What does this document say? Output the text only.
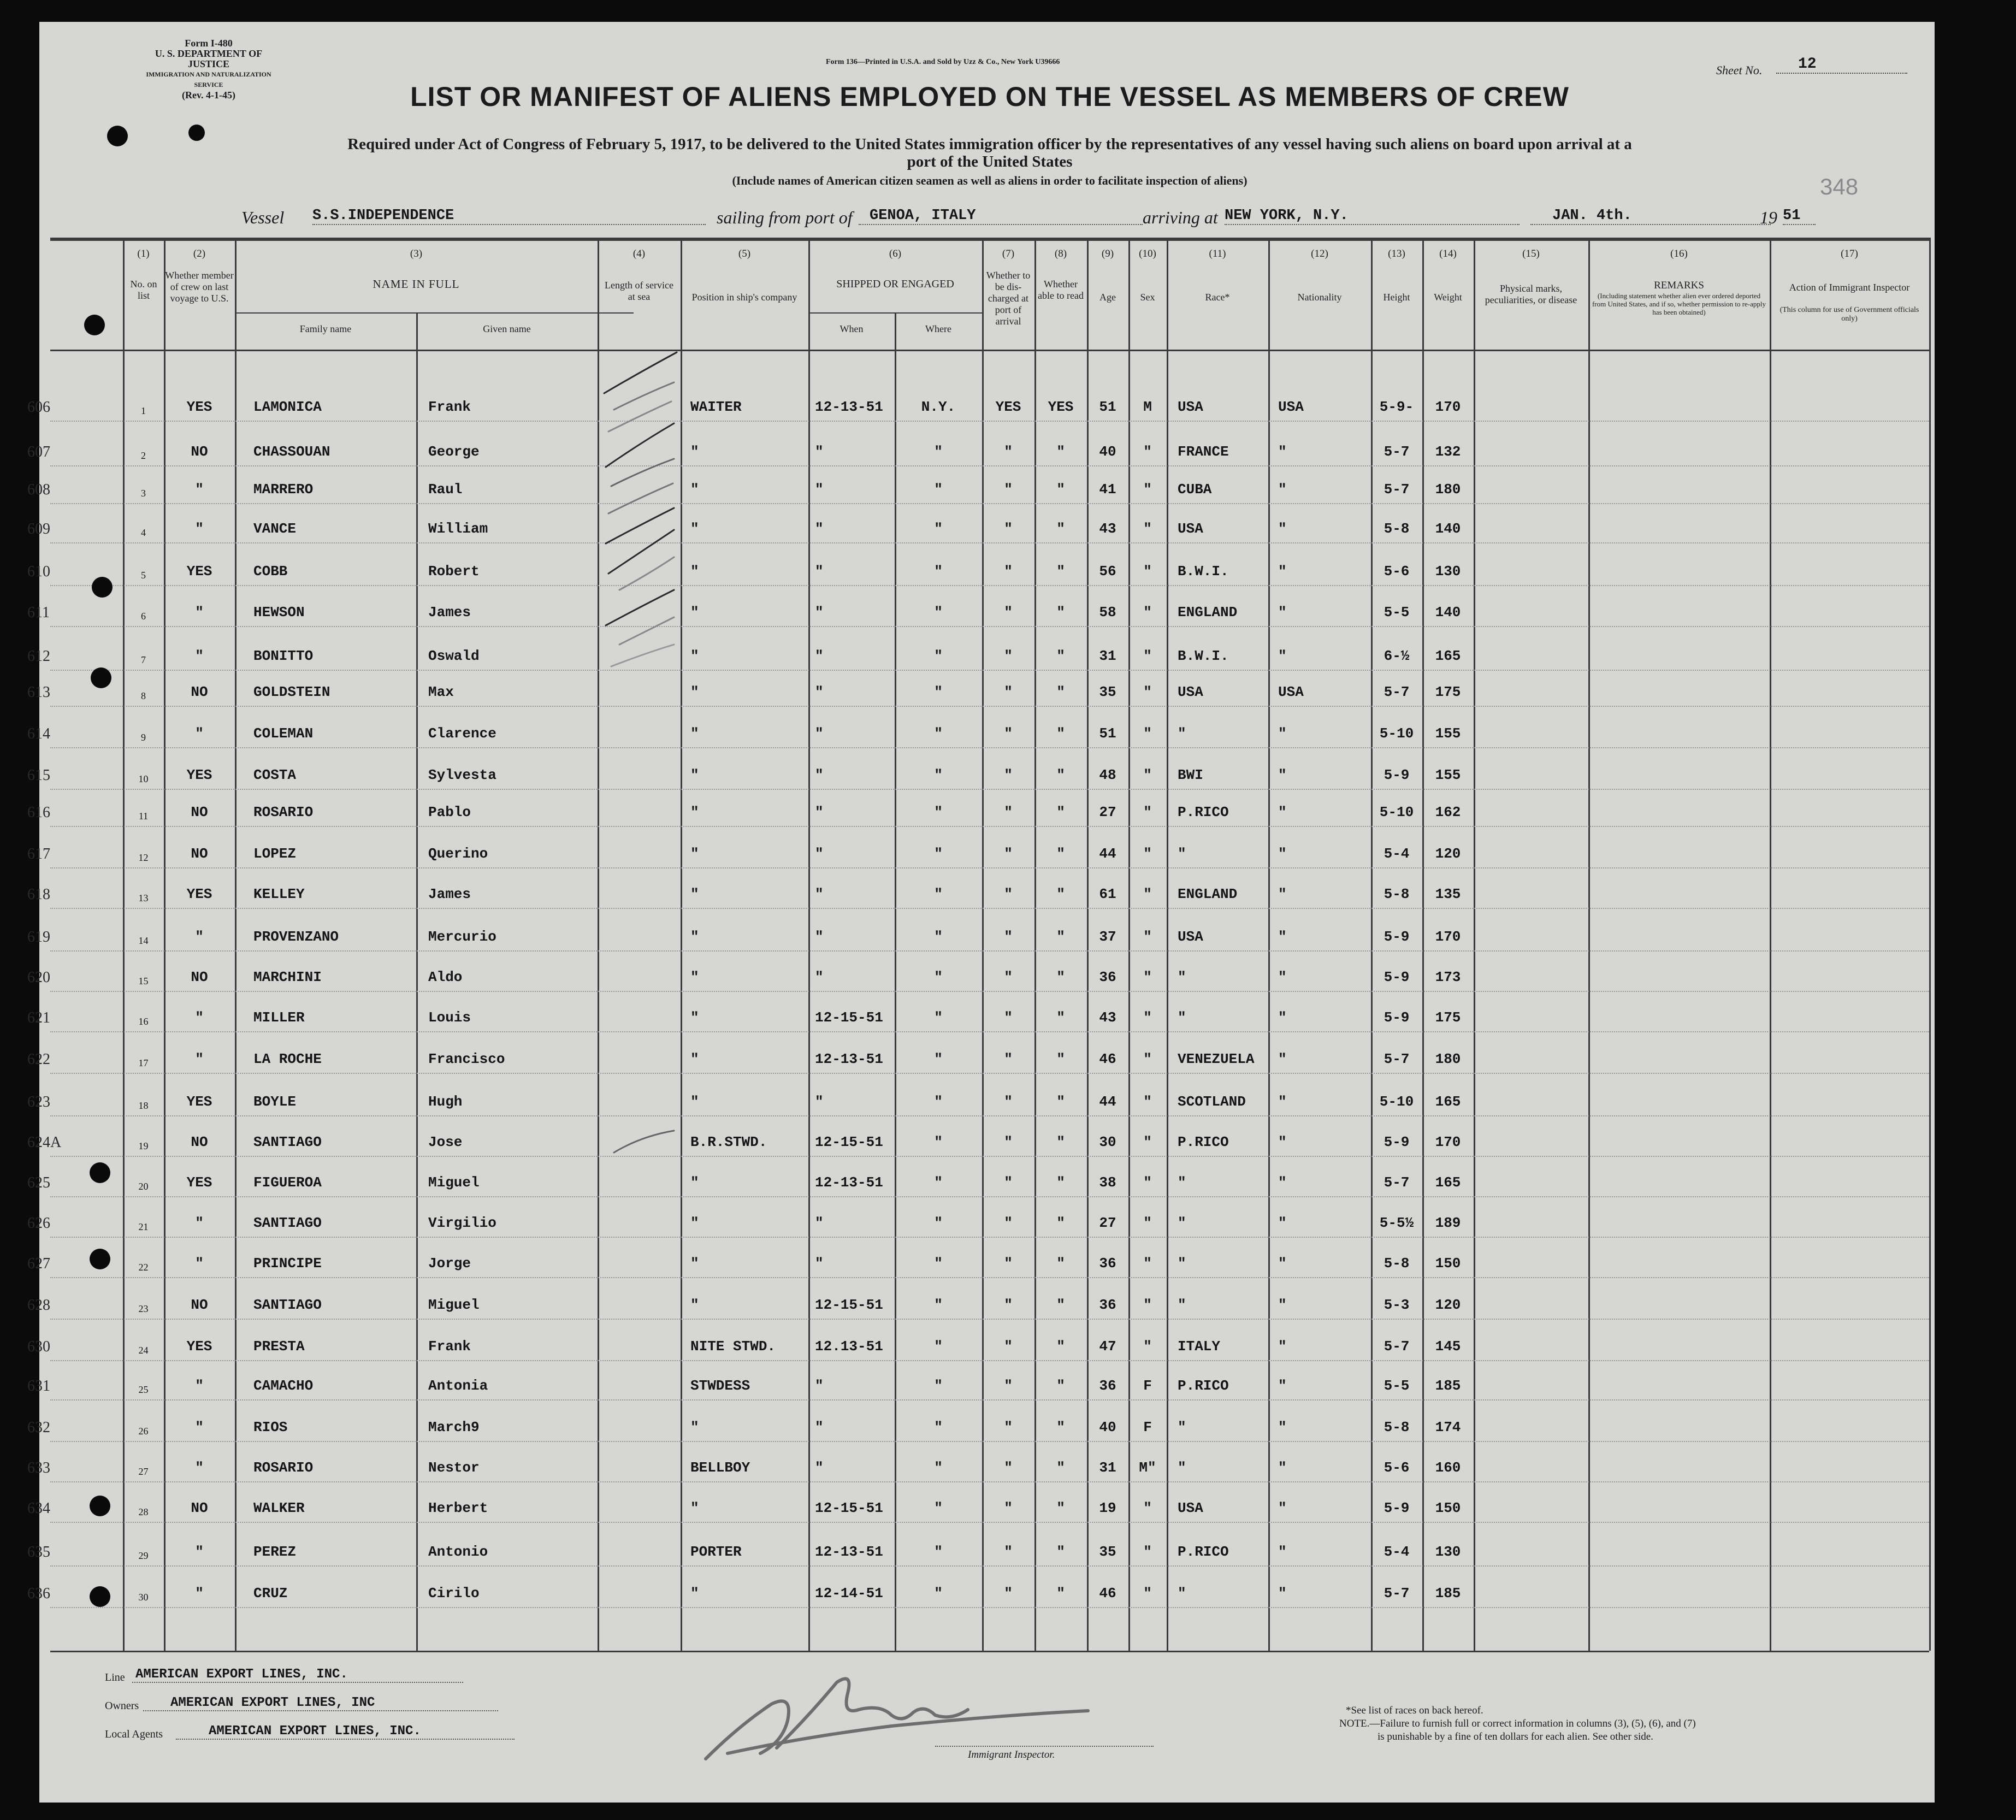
Form I-480
U. S. DEPARTMENT OF JUSTICE
IMMIGRATION AND NATURALIZATION SERVICE
(Rev. 4-1-45)
Form 136—Printed in U.S.A. and Sold by Uzz & Co., New York U39666
Sheet No.	12
LIST OR MANIFEST OF ALIENS EMPLOYED ON THE VESSEL AS MEMBERS OF CREW
Required under Act of Congress of February 5, 1917, to be delivered to the United States immigration officer by the representatives of any vessel having such aliens on board upon arrival at a
port of the United States
(Include names of American citizen seamen as well as aliens in order to facilitate inspection of aliens)	348
Vessel S.S.INDEPENDENCE	sailing from port of	GENOA, ITALY	arriving at NEW YORK, N.Y.	JAN. 4th.	19 51
(1)	(2)	(3)	(4)	(5)	(6)	(7)	(8)	(9)	(10)	(11)	(12)	(13)	(14)	(15)	(16)	(17)
No. on list
Whether member of crew on last voyage to U.S.
NAME IN FULL
Family name	Given name
Length of service at sea	Position in ship's company
SHIPPED OR ENGAGED
When	Where
Whether to be dis-charged at port of arrival
Whether able to read	Age	Sex	Race*	Nationality	Height	Weight
Physical marks, peculiarities, or disease
REMARKS
(Including statement whether alien ever ordered deported from United States, and if so, whether permission to re-apply has been obtained)
Action of Immigrant Inspector
(This column for use of Government officials only)
606	1	YES	LAMONICA	Frank	WAITER	12-13-51	N.Y.	YES	YES	51	M	USA	USA	5-9-	170
607	2	NO	CHASSOUAN	George	"	"	"	"	"	40	"	FRANCE	"	5-7	132
608	3	"	MARRERO	Raul	"	"	"	"	"	41	"	CUBA	"	5-7	180
609	4	"	VANCE	William	"	"	"	"	"	43	"	USA	"	5-8	140
610	5	YES	COBB	Robert	"	"	"	"	"	56	"	B.W.I.	"	5-6	130
611	6	"	HEWSON	James	"	"	"	"	"	58	"	ENGLAND	"	5-5	140
612	7	"	BONITTO	Oswald	"	"	"	"	"	31	"	B.W.I.	"	6-½	165
613	8	NO	GOLDSTEIN	Max	"	"	"	"	"	35	"	USA	USA	5-7	175
614	9	"	COLEMAN	Clarence	"	"	"	"	"	51	"	"	"	5-10	155
615	10	YES	COSTA	Sylvesta	"	"	"	"	"	48	"	BWI	"	5-9	155
616	11	NO	ROSARIO	Pablo	"	"	"	"	"	27	"	P.RICO	"	5-10	162
617	12	NO	LOPEZ	Querino	"	"	"	"	"	44	"	"	"	5-4	120
618	13	YES	KELLEY	James	"	"	"	"	"	61	"	ENGLAND	"	5-8	135
619	14	"	PROVENZANO	Mercurio	"	"	"	"	"	37	"	USA	"	5-9	170
620	15	NO	MARCHINI	Aldo	"	"	"	"	"	36	"	"	"	5-9	173
621	16	"	MILLER	Louis	"	12-15-51	"	"	"	43	"	"	"	5-9	175
622	17	"	LA ROCHE	Francisco	"	12-13-51	"	"	"	46	"	VENEZUELA	"	5-7	180
623	18	YES	BOYLE	Hugh	"	"	"	"	"	44	"	SCOTLAND	"	5-10	165
624A	19	NO	SANTIAGO	Jose	B.R.STWD.	12-15-51	"	"	"	30	"	P.RICO	"	5-9	170
625	20	YES	FIGUEROA	Miguel	"	12-13-51	"	"	"	38	"	"	"	5-7	165
626	21	"	SANTIAGO	Virgilio	"	"	"	"	"	27	"	"	"	5-5½	189
627	22	"	PRINCIPE	Jorge	"	"	"	"	"	36	"	"	"	5-8	150
628	23	NO	SANTIAGO	Miguel	"	12-15-51	"	"	"	36	"	"	"	5-3	120
630	24	YES	PRESTA	Frank	NITE STWD.	12.13-51	"	"	"	47	"	ITALY	"	5-7	145
631	25	"	CAMACHO	Antonia	STWDESS	"	"	"	"	36	F	P.RICO	"	5-5	185
632	26	"	RIOS	March9	"	"	"	"	"	40	F	"	"	5-8	174
633	27	"	ROSARIO	Nestor	BELLBOY	"	"	"	"	31	M"	"	"	5-6	160
634	28	NO	WALKER	Herbert	"	12-15-51	"	"	"	19	"	USA	"	5-9	150
635	29	"	PEREZ	Antonio	PORTER	12-13-51	"	"	"	35	"	P.RICO	"	5-4	130
636	30	"	CRUZ	Cirilo	"	12-14-51	"	"	"	46	"	"	"	5-7	185
Line AMERICAN EXPORT LINES, INC.
Owners	AMERICAN EXPORT LINES, INC
Local Agents	AMERICAN EXPORT LINES, INC.
Immigrant Inspector.
*See list of races on back hereof.
NOTE.—Failure to furnish full or correct information in columns (3), (5), (6), and (7)
is punishable by a fine of ten dollars for each alien. See other side.
